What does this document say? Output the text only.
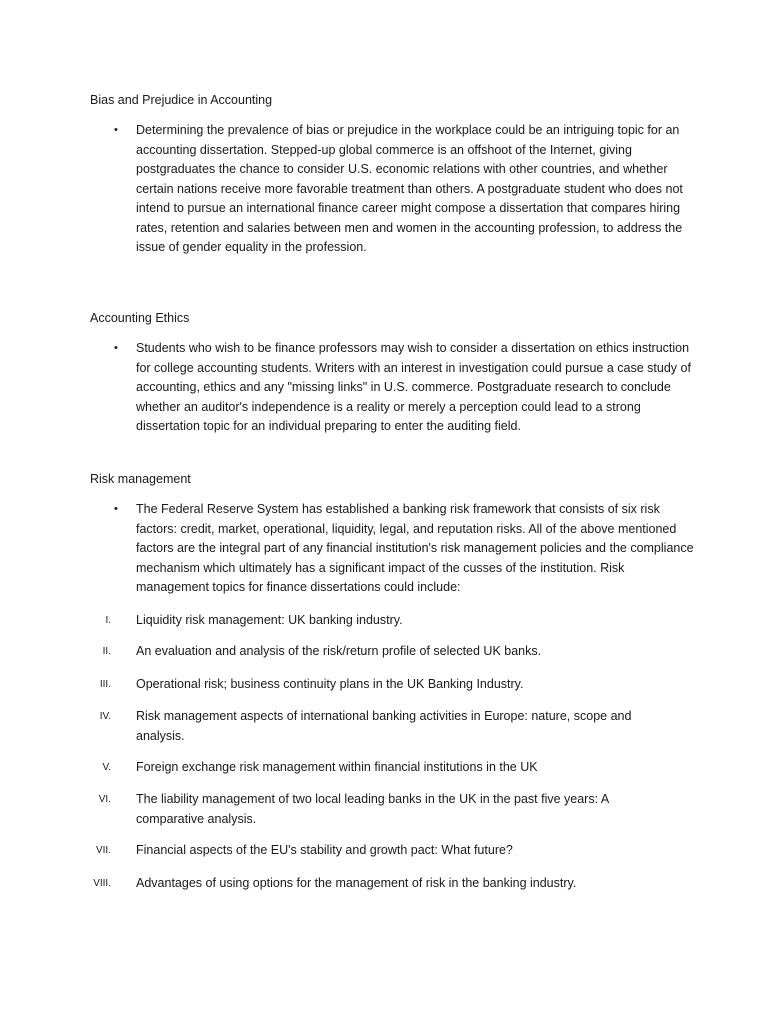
Bias and Prejudice in Accounting
• Determining the prevalence of bias or prejudice in the workplace could be an intriguing topic for an accounting dissertation. Stepped-up global commerce is an offshoot of the Internet, giving postgraduates the chance to consider U.S. economic relations with other countries, and whether certain nations receive more favorable treatment than others. A postgraduate student who does not intend to pursue an international finance career might compose a dissertation that compares hiring rates, retention and salaries between men and women in the accounting profession, to address the issue of gender equality in the profession.
Accounting Ethics
• Students who wish to be finance professors may wish to consider a dissertation on ethics instruction for college accounting students. Writers with an interest in investigation could pursue a case study of accounting, ethics and any "missing links" in U.S. commerce. Postgraduate research to conclude whether an auditor's independence is a reality or merely a perception could lead to a strong dissertation topic for an individual preparing to enter the auditing field.
Risk management
• The Federal Reserve System has established a banking risk framework that consists of six risk factors: credit, market, operational, liquidity, legal, and reputation risks. All of the above mentioned factors are the integral part of any financial institution's risk management policies and the compliance mechanism which ultimately has a significant impact of the cusses of the institution. Risk management topics for finance dissertations could include:
I. Liquidity risk management: UK banking industry.
II. An evaluation and analysis of the risk/return profile of selected UK banks.
III. Operational risk; business continuity plans in the UK Banking Industry.
IV. Risk management aspects of international banking activities in Europe: nature, scope and analysis.
V. Foreign exchange risk management within financial institutions in the UK
VI. The liability management of two local leading banks in the UK in the past five years: A comparative analysis.
VII. Financial aspects of the EU's stability and growth pact: What future?
VIII. Advantages of using options for the management of risk in the banking industry.
